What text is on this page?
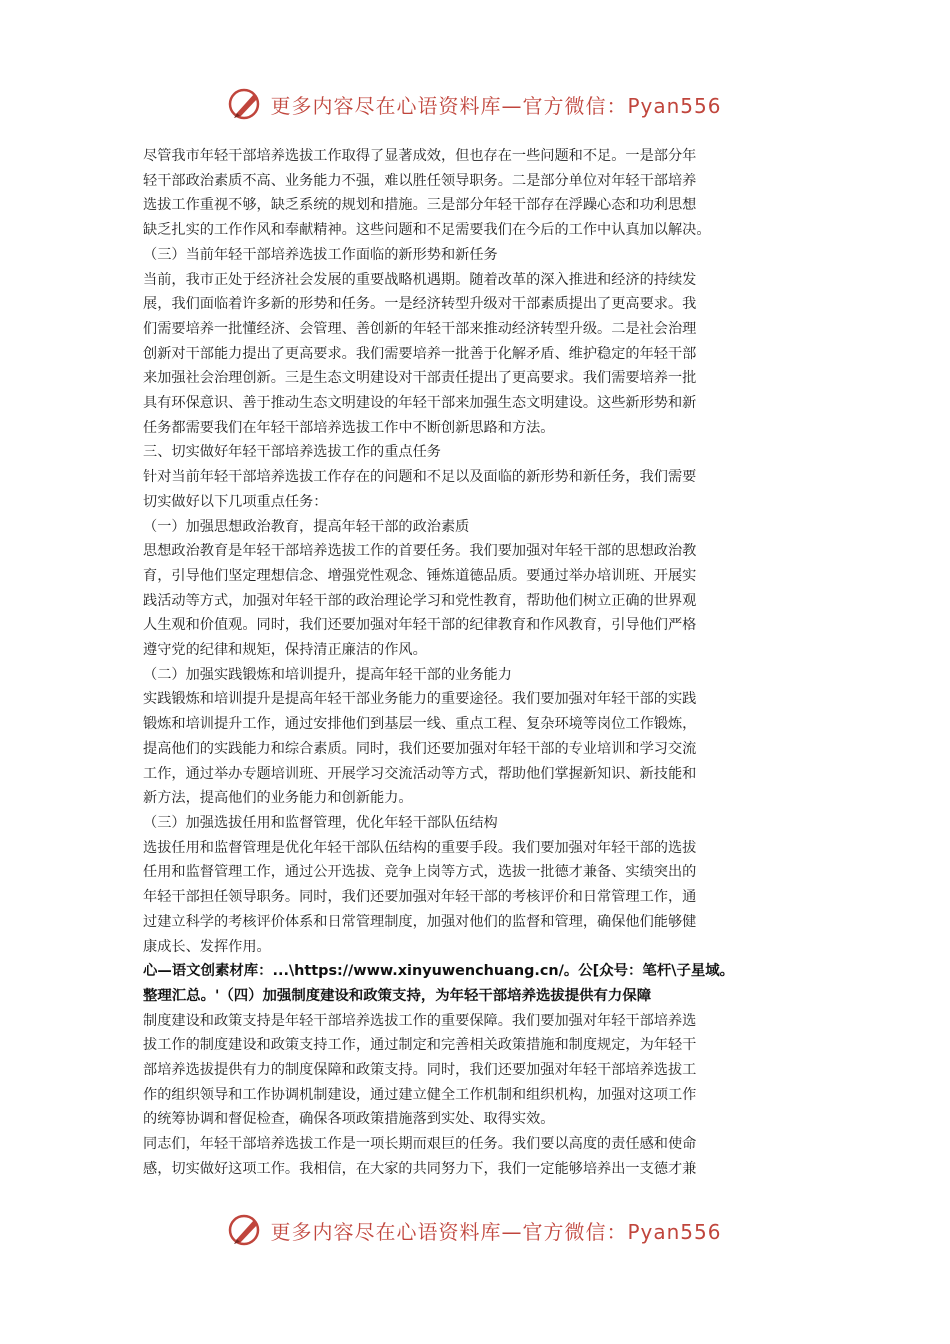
更多内容尽在心语资料库—官方微信：Pyan556

尽管我市年轻干部培养选拔工作取得了显著成效，但也存在一些问题和不足。一是部分年

轻干部政治素质不高、业务能力不强，难以胜任领导职务。二是部分单位对年轻干部培养

选拔工作重视不够，缺乏系统的规划和措施。三是部分年轻干部存在浮躁心态和功利思想

缺乏扎实的工作作风和奉献精神。这些问题和不足需要我们在今后的工作中认真加以解决。

（三）当前年轻干部培养选拔工作面临的新形势和新任务

当前，我市正处于经济社会发展的重要战略机遇期。随着改革的深入推进和经济的持续发

展，我们面临着许多新的形势和任务。一是经济转型升级对干部素质提出了更高要求。我

们需要培养一批懂经济、会管理、善创新的年轻干部来推动经济转型升级。二是社会治理

创新对干部能力提出了更高要求。我们需要培养一批善于化解矛盾、维护稳定的年轻干部

来加强社会治理创新。三是生态文明建设对干部责任提出了更高要求。我们需要培养一批

具有环保意识、善于推动生态文明建设的年轻干部来加强生态文明建设。这些新形势和新

任务都需要我们在年轻干部培养选拔工作中不断创新思路和方法。

三、切实做好年轻干部培养选拔工作的重点任务

针对当前年轻干部培养选拔工作存在的问题和不足以及面临的新形势和新任务，我们需要

切实做好以下几项重点任务：

（一）加强思想政治教育，提高年轻干部的政治素质

思想政治教育是年轻干部培养选拔工作的首要任务。我们要加强对年轻干部的思想政治教

育，引导他们坚定理想信念、增强党性观念、锤炼道德品质。要通过举办培训班、开展实

践活动等方式，加强对年轻干部的政治理论学习和党性教育，帮助他们树立正确的世界观

人生观和价值观。同时，我们还要加强对年轻干部的纪律教育和作风教育，引导他们严格

遵守党的纪律和规矩，保持清正廉洁的作风。

（二）加强实践锻炼和培训提升，提高年轻干部的业务能力

实践锻炼和培训提升是提高年轻干部业务能力的重要途径。我们要加强对年轻干部的实践

锻炼和培训提升工作，通过安排他们到基层一线、重点工程、复杂环境等岗位工作锻炼，

提高他们的实践能力和综合素质。同时，我们还要加强对年轻干部的专业培训和学习交流

工作，通过举办专题培训班、开展学习交流活动等方式，帮助他们掌握新知识、新技能和

新方法，提高他们的业务能力和创新能力。

（三）加强选拔任用和监督管理，优化年轻干部队伍结构

选拔任用和监督管理是优化年轻干部队伍结构的重要手段。我们要加强对年轻干部的选拔

任用和监督管理工作，通过公开选拔、竞争上岗等方式，选拔一批德才兼备、实绩突出的

年轻干部担任领导职务。同时，我们还要加强对年轻干部的考核评价和日常管理工作，通

过建立科学的考核评价体系和日常管理制度，加强对他们的监督和管理，确保他们能够健

康成长、发挥作用。

心—语文创素材库：...\https://www.xinyuwenchuang.cn/。公[众号：笔杆\子星域。

整理汇总。'（四）加强制度建设和政策支持，为年轻干部培养选拔提供有力保障

制度建设和政策支持是年轻干部培养选拔工作的重要保障。我们要加强对年轻干部培养选

拔工作的制度建设和政策支持工作，通过制定和完善相关政策措施和制度规定，为年轻干

部培养选拔提供有力的制度保障和政策支持。同时，我们还要加强对年轻干部培养选拔工

作的组织领导和工作协调机制建设，通过建立健全工作机制和组织机构，加强对这项工作

的统筹协调和督促检查，确保各项政策措施落到实处、取得实效。

同志们，年轻干部培养选拔工作是一项长期而艰巨的任务。我们要以高度的责任感和使命

感，切实做好这项工作。我相信，在大家的共同努力下，我们一定能够培养出一支德才兼

更多内容尽在心语资料库—官方微信：Pyan556
